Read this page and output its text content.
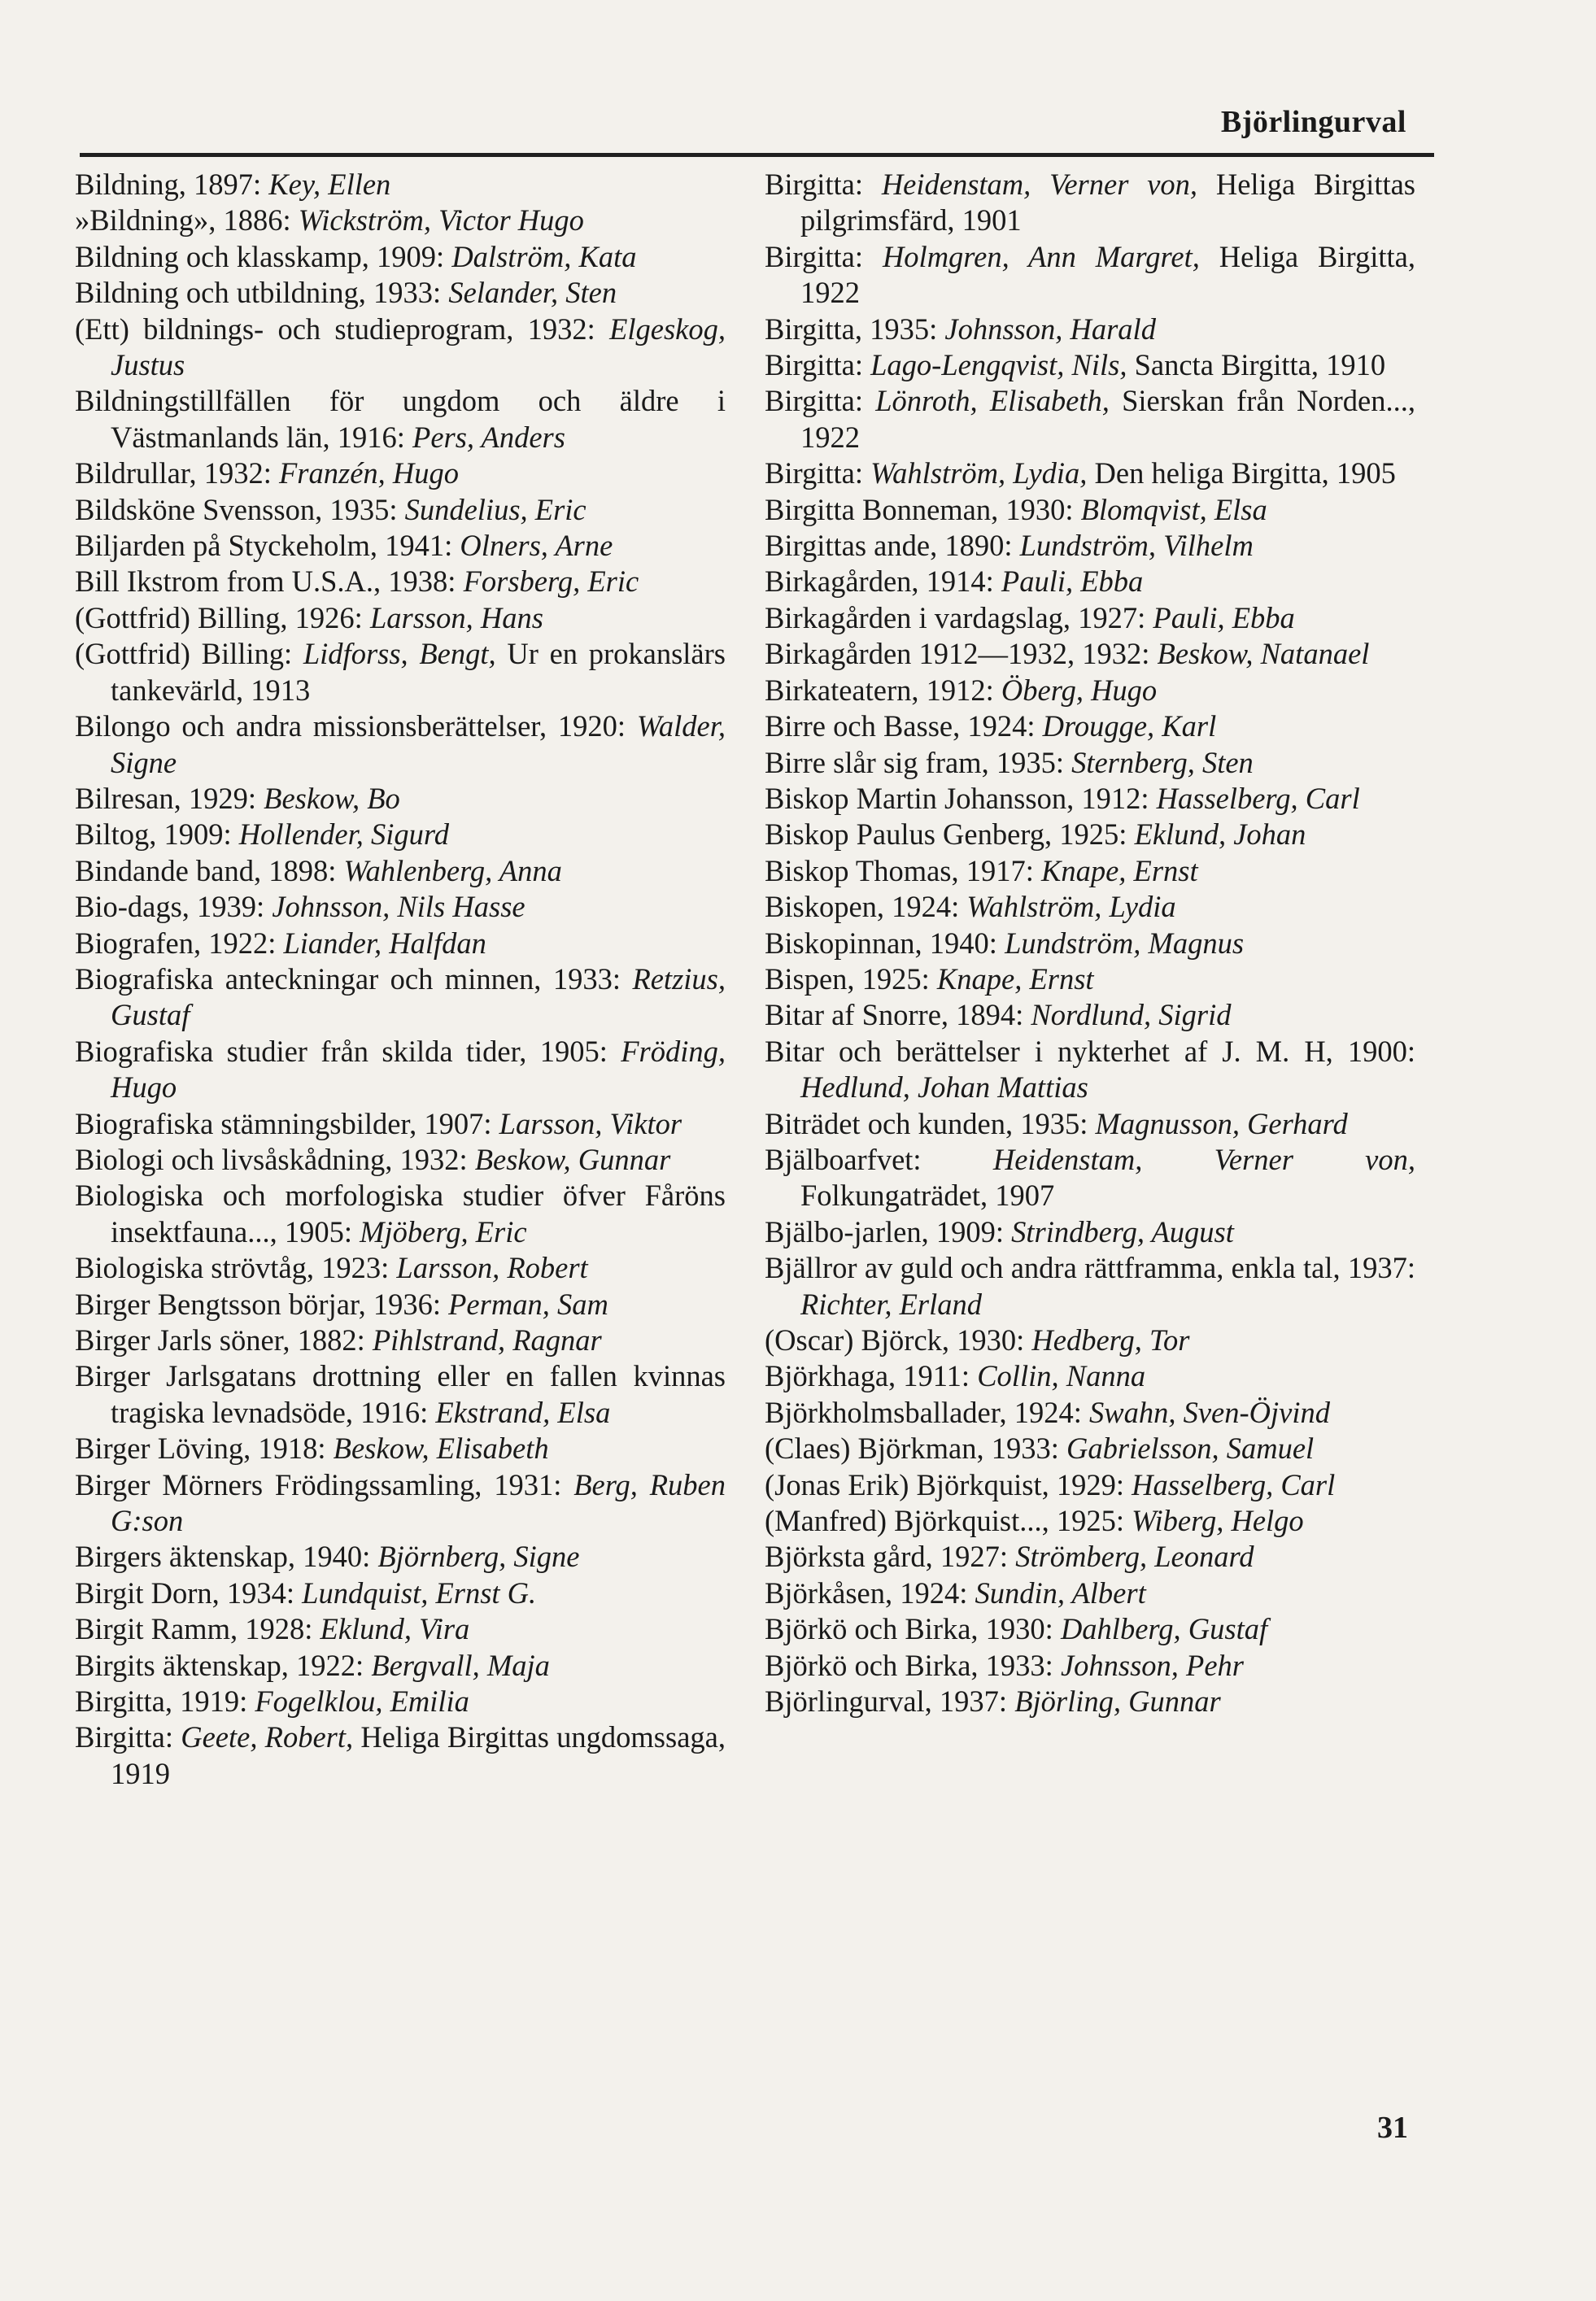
Björlingurval

Bildning, 1897: Key, Ellen

»Bildning», 1886: Wickström, Victor Hugo

Bildning och klasskamp, 1909: Dalström, Kata

Bildning och utbildning, 1933: Selander, Sten

(Ett) bildnings- och studieprogram, 1932: Elgeskog, Justus

Bildningstillfällen för ungdom och äldre i Västmanlands län, 1916: Pers, Anders

Bildrullar, 1932: Franzén, Hugo

Bildsköne Svensson, 1935: Sundelius, Eric

Biljarden på Styckeholm, 1941: Olners, Arne

Bill Ikstrom from U.S.A., 1938: Forsberg, Eric

(Gottfrid) Billing, 1926: Larsson, Hans

(Gottfrid) Billing: Lidforss, Bengt, Ur en prokanslärs tankevärld, 1913

Bilongo och andra missionsberättelser, 1920: Walder, Signe

Bilresan, 1929: Beskow, Bo

Biltog, 1909: Hollender, Sigurd

Bindande band, 1898: Wahlenberg, Anna

Bio-dags, 1939: Johnsson, Nils Hasse

Biografen, 1922: Liander, Halfdan

Biografiska anteckningar och minnen, 1933: Retzius, Gustaf

Biografiska studier från skilda tider, 1905: Fröding, Hugo

Biografiska stämningsbilder, 1907: Larsson, Viktor

Biologi och livsåskådning, 1932: Beskow, Gunnar

Biologiska och morfologiska studier öfver Fåröns insektfauna..., 1905: Mjöberg, Eric

Biologiska strövtåg, 1923: Larsson, Robert

Birger Bengtsson börjar, 1936: Perman, Sam

Birger Jarls söner, 1882: Pihlstrand, Ragnar

Birger Jarlsgatans drottning eller en fallen kvinnas tragiska levnadsöde, 1916: Ekstrand, Elsa

Birger Löving, 1918: Beskow, Elisabeth

Birger Mörners Frödingssamling, 1931: Berg, Ruben G:son

Birgers äktenskap, 1940: Björnberg, Signe

Birgit Dorn, 1934: Lundquist, Ernst G.

Birgit Ramm, 1928: Eklund, Vira

Birgits äktenskap, 1922: Bergvall, Maja

Birgitta, 1919: Fogelklou, Emilia

Birgitta: Geete, Robert, Heliga Birgittas ungdomssaga, 1919

Birgitta: Heidenstam, Verner von, Heliga Birgittas pilgrimsfärd, 1901

Birgitta: Holmgren, Ann Margret, Heliga Birgitta, 1922

Birgitta, 1935: Johnsson, Harald

Birgitta: Lago-Lengqvist, Nils, Sancta Birgitta, 1910

Birgitta: Lönroth, Elisabeth, Sierskan från Norden..., 1922

Birgitta: Wahlström, Lydia, Den heliga Birgitta, 1905

Birgitta Bonneman, 1930: Blomqvist, Elsa

Birgittas ande, 1890: Lundström, Vilhelm

Birkagården, 1914: Pauli, Ebba

Birkagården i vardagslag, 1927: Pauli, Ebba

Birkagården 1912—1932, 1932: Beskow, Natanael

Birkateatern, 1912: Öberg, Hugo

Birre och Basse, 1924: Drougge, Karl

Birre slår sig fram, 1935: Sternberg, Sten

Biskop Martin Johansson, 1912: Hasselberg, Carl

Biskop Paulus Genberg, 1925: Eklund, Johan

Biskop Thomas, 1917: Knape, Ernst

Biskopen, 1924: Wahlström, Lydia

Biskopinnan, 1940: Lundström, Magnus

Bispen, 1925: Knape, Ernst

Bitar af Snorre, 1894: Nordlund, Sigrid

Bitar och berättelser i nykterhet af J. M. H, 1900: Hedlund, Johan Mattias

Biträdet och kunden, 1935: Magnusson, Gerhard

Bjälboarfvet: Heidenstam, Verner von, Folkungaträdet, 1907

Bjälbo-jarlen, 1909: Strindberg, August

Bjällror av guld och andra rättframma, enkla tal, 1937: Richter, Erland

(Oscar) Björck, 1930: Hedberg, Tor

Björkhaga, 1911: Collin, Nanna

Björkholmsballader, 1924: Swahn, Sven-Öjvind

(Claes) Björkman, 1933: Gabrielsson, Samuel

(Jonas Erik) Björkquist, 1929: Hasselberg, Carl

(Manfred) Björkquist..., 1925: Wiberg, Helgo

Björksta gård, 1927: Strömberg, Leonard

Björkåsen, 1924: Sundin, Albert

Björkö och Birka, 1930: Dahlberg, Gustaf

Björkö och Birka, 1933: Johnsson, Pehr

Björlingurval, 1937: Björling, Gunnar

31
